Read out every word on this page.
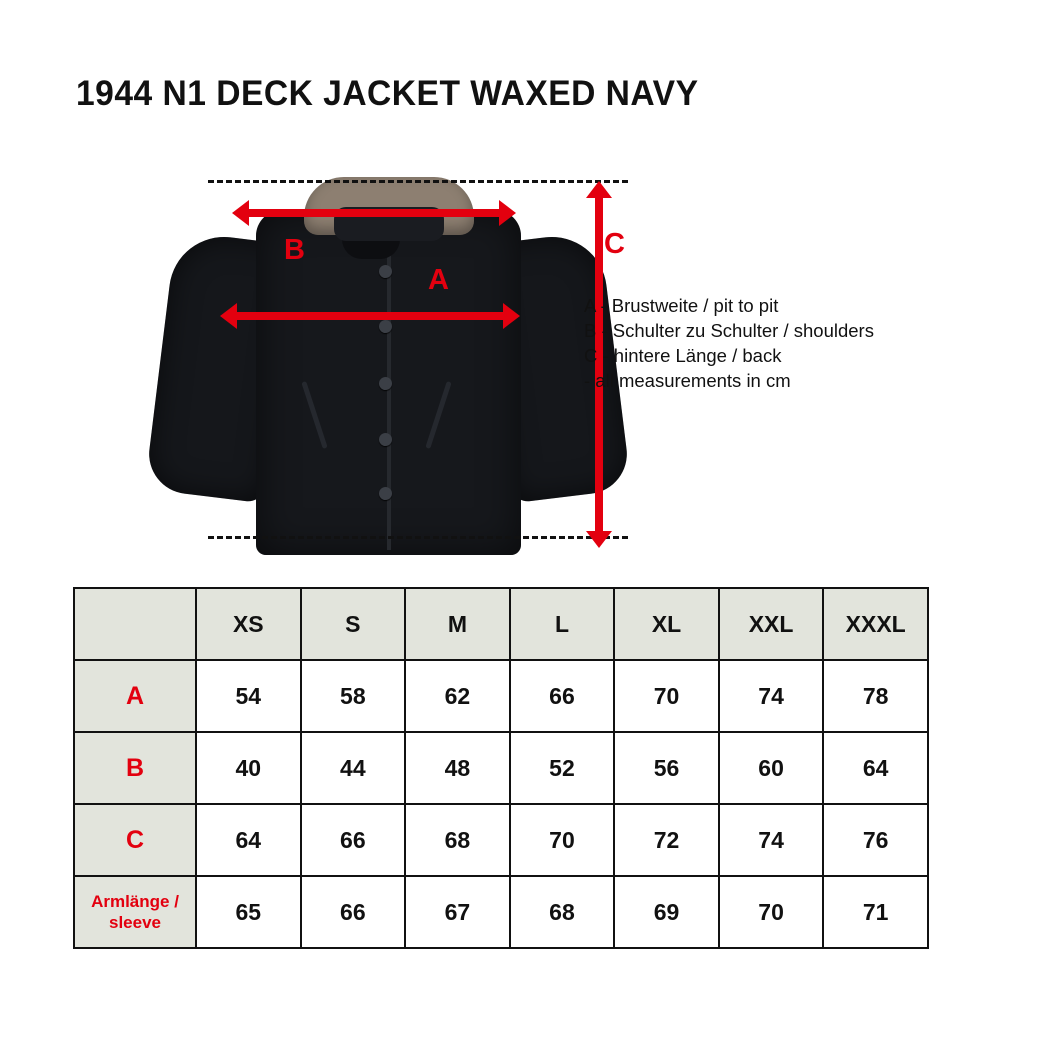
1944 N1 DECK JACKET WAXED NAVY
B
A
C
A - Brustweite / pit to pit
B - Schulter zu Schulter / shoulders
C - hintere Länge / back
- all measurements in cm
	XS	S	M	L	XL	XXL	XXXL
A	54	58	62	66	70	74	78
B	40	44	48	52	56	60	64
C	64	66	68	70	72	74	76
Armlänge / sleeve	65	66	67	68	69	70	71
